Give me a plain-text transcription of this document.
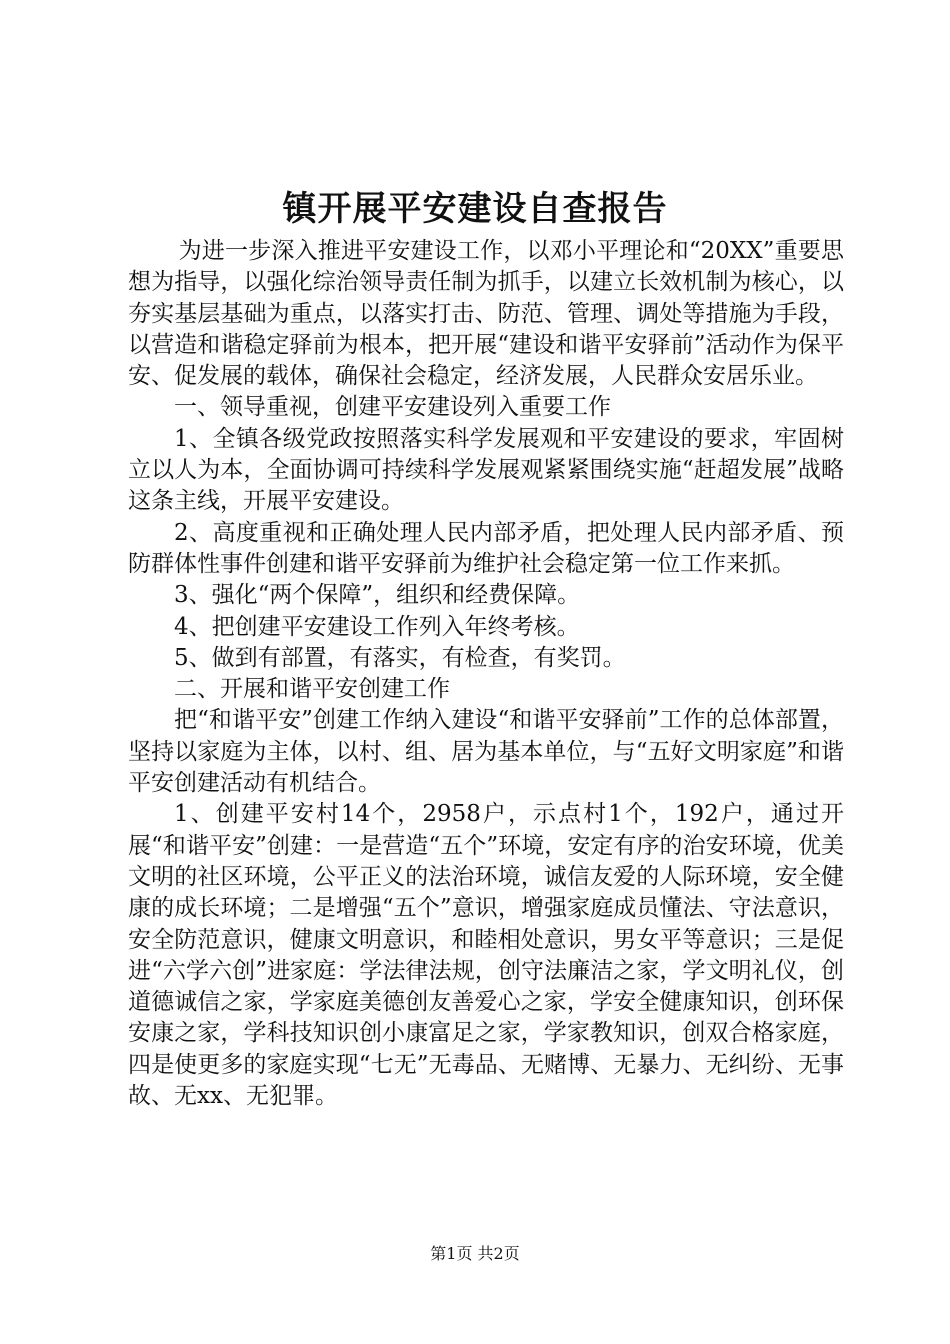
镇开展平安建设自查报告

为进一步深入推进平安建设工作，以邓小平理论和“20XX”重要思想为指导，以强化综治领导责任制为抓手，以建立长效机制为核心，以夯实基层基础为重点，以落实打击、防范、管理、调处等措施为手段，以营造和谐稳定驿前为根本，把开展“建设和谐平安驿前”活动作为保平安、促发展的载体，确保社会稳定，经济发展，人民群众安居乐业。

一、领导重视，创建平安建设列入重要工作

1、全镇各级党政按照落实科学发展观和平安建设的要求，牢固树立以人为本，全面协调可持续科学发展观紧紧围绕实施“赶超发展”战略这条主线，开展平安建设。

2、高度重视和正确处理人民内部矛盾，把处理人民内部矛盾、预防群体性事件创建和谐平安驿前为维护社会稳定第一位工作来抓。

3、强化“两个保障”，组织和经费保障。

4、把创建平安建设工作列入年终考核。

5、做到有部置，有落实，有检查，有奖罚。

二、开展和谐平安创建工作

把“和谐平安”创建工作纳入建设“和谐平安驿前”工作的总体部置，坚持以家庭为主体，以村、组、居为基本单位，与“五好文明家庭”和谐平安创建活动有机结合。

1、创建平安村14个，2958户，示点村1个，192户，通过开展“和谐平安”创建：一是营造“五个”环境，安定有序的治安环境，优美文明的社区环境，公平正义的法治环境，诚信友爱的人际环境，安全健康的成长环境；二是增强“五个”意识，增强家庭成员懂法、守法意识，安全防范意识，健康文明意识，和睦相处意识，男女平等意识；三是促进“六学六创”进家庭：学法律法规，创守法廉洁之家，学文明礼仪，创道德诚信之家，学家庭美德创友善爱心之家，学安全健康知识，创环保安康之家，学科技知识创小康富足之家，学家教知识，创双合格家庭，四是使更多的家庭实现“七无”无毒品、无赌博、无暴力、无纠纷、无事故、无xx、无犯罪。

第1页 共2页
